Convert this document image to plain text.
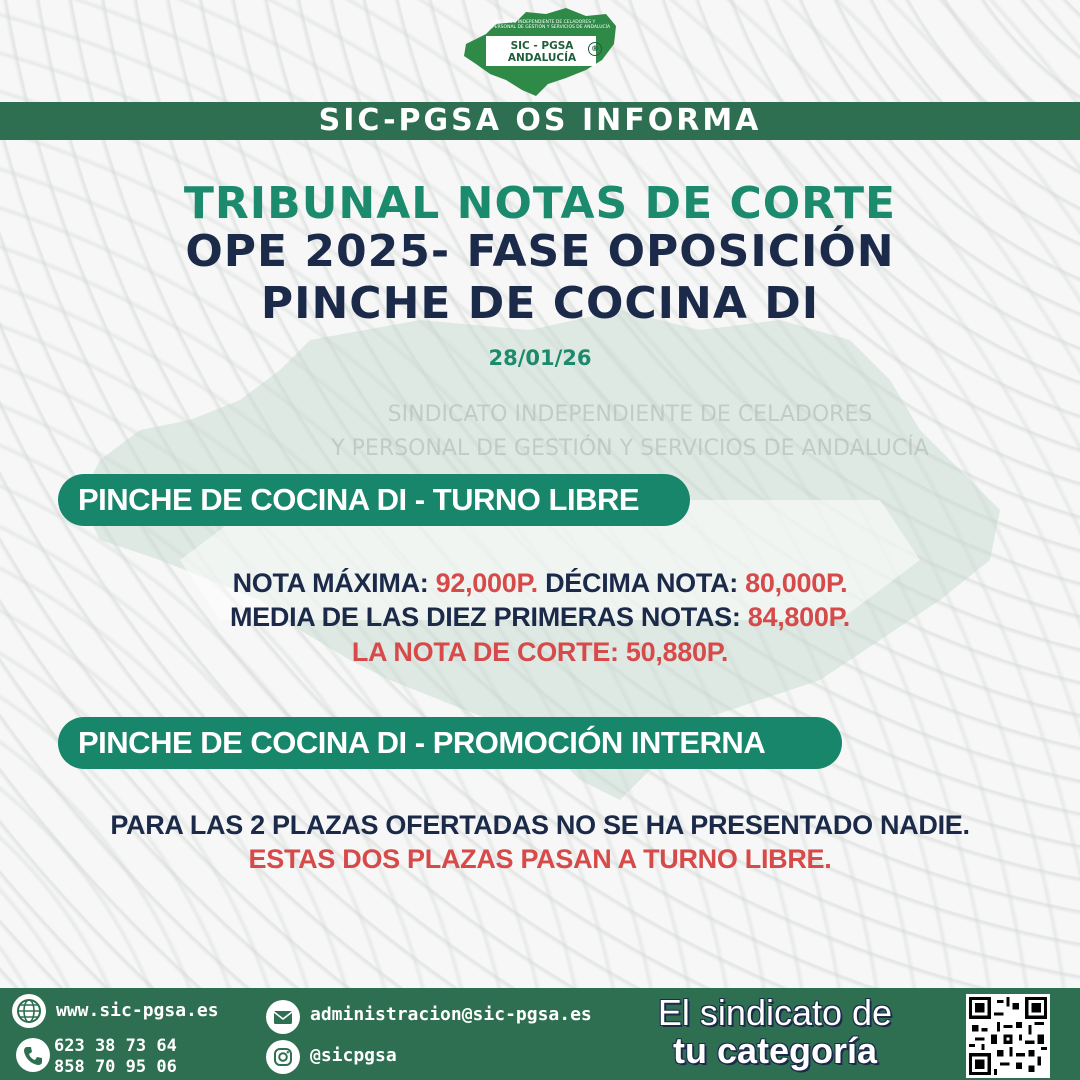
SINDICATO INDEPENDIENTE DE CELADORES
Y PERSONAL DE GESTIÓN Y SERVICIOS DE ANDALUCÍA
SINDICATO INDEPENDIENTE DE CELADORES Y PERSONAL DE GESTIÓN Y SERVICIOS DE ANDALUCÍA
SIC - PGSA
ANDALUCÍA
®
SIC-PGSA OS INFORMA
TRIBUNAL NOTAS DE CORTE
OPE 2025- FASE OPOSICIÓN
PINCHE DE COCINA DI
28/01/26
PINCHE DE COCINA DI - TURNO LIBRE
NOTA MÁXIMA: 92,000P. DÉCIMA NOTA: 80,000P.
MEDIA DE LAS DIEZ PRIMERAS NOTAS: 84,800P.
LA NOTA DE CORTE: 50,880P.
PINCHE DE COCINA DI - PROMOCIÓN INTERNA
PARA LAS 2 PLAZAS OFERTADAS NO SE HA PRESENTADO NADIE.
ESTAS DOS PLAZAS PASAN A TURNO LIBRE.
www.sic-pgsa.es
623 38 73 64
858 70 95 06
administracion@sic-pgsa.es
@sicpgsa
El sindicato de
tu categoría
